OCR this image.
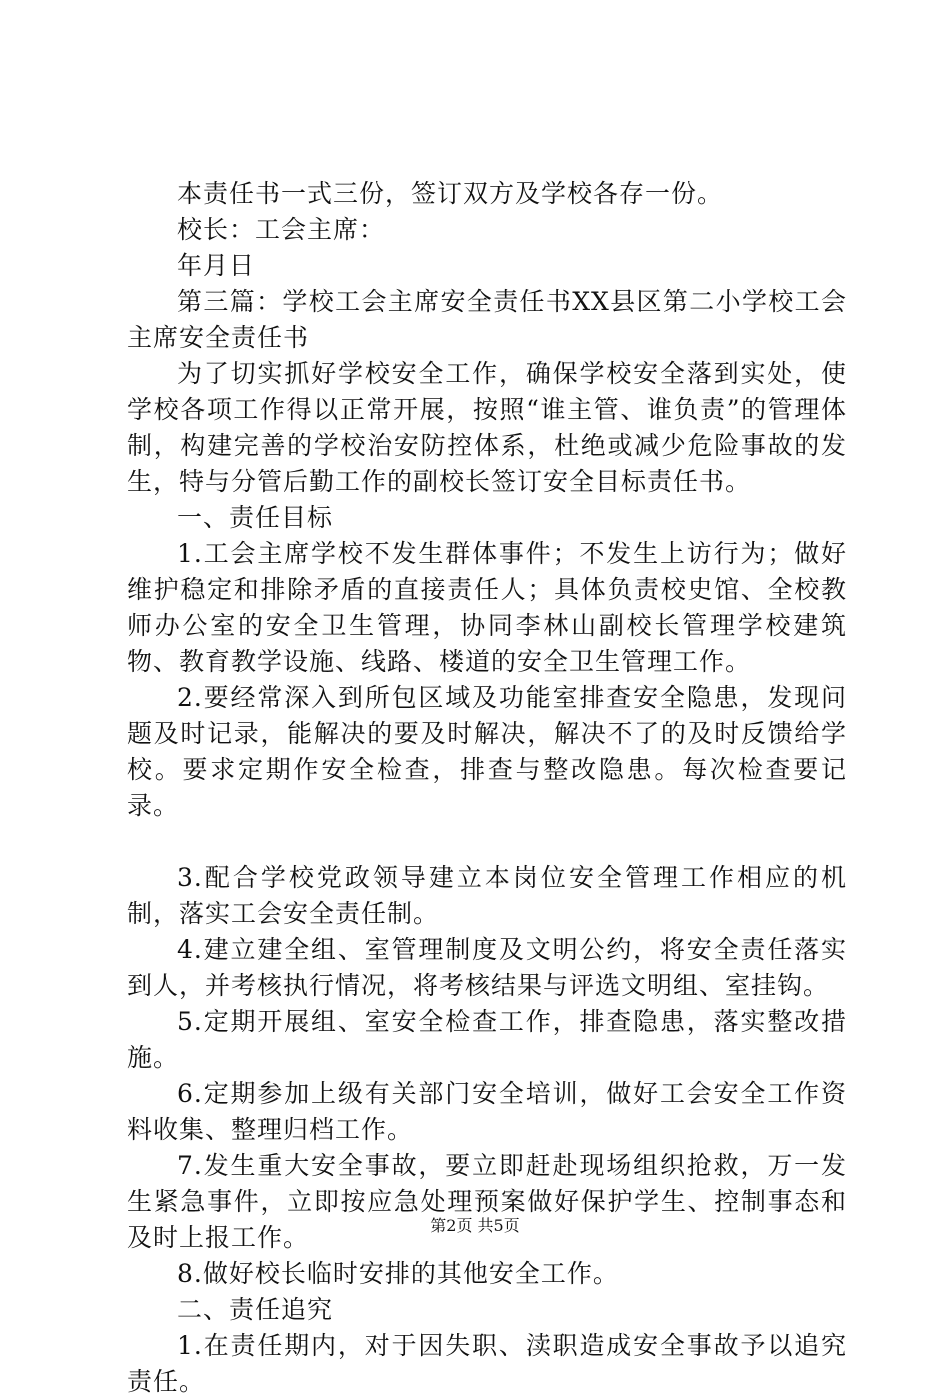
本责任书一式三份，签订双方及学校各存一份。

校长：工会主席：

年月日

第三篇：学校工会主席安全责任书XX县区第二小学校工会主席安全责任书

为了切实抓好学校安全工作，确保学校安全落到实处，使学校各项工作得以正常开展，按照“谁主管、谁负责”的管理体制，构建完善的学校治安防控体系，杜绝或减少危险事故的发生，特与分管后勤工作的副校长签订安全目标责任书。

一、责任目标

1.工会主席学校不发生群体事件；不发生上访行为；做好维护稳定和排除矛盾的直接责任人；具体负责校史馆、全校教师办公室的安全卫生管理，协同李林山副校长管理学校建筑物、教育教学设施、线路、楼道的安全卫生管理工作。

2.要经常深入到所包区域及功能室排查安全隐患，发现问题及时记录，能解决的要及时解决，解决不了的及时反馈给学校。要求定期作安全检查，排查与整改隐患。每次检查要记录。

3.配合学校党政领导建立本岗位安全管理工作相应的机制，落实工会安全责任制。

4.建立建全组、室管理制度及文明公约，将安全责任落实到人，并考核执行情况，将考核结果与评选文明组、室挂钩。

5.定期开展组、室安全检查工作，排查隐患，落实整改措施。

6.定期参加上级有关部门安全培训，做好工会安全工作资料收集、整理归档工作。

7.发生重大安全事故，要立即赶赴现场组织抢救，万一发生紧急事件，立即按应急处理预案做好保护学生、控制事态和及时上报工作。

8.做好校长临时安排的其他安全工作。

二、责任追究

1.在责任期内，对于因失职、渎职造成安全事故予以追究责任。

第2页 共5页
